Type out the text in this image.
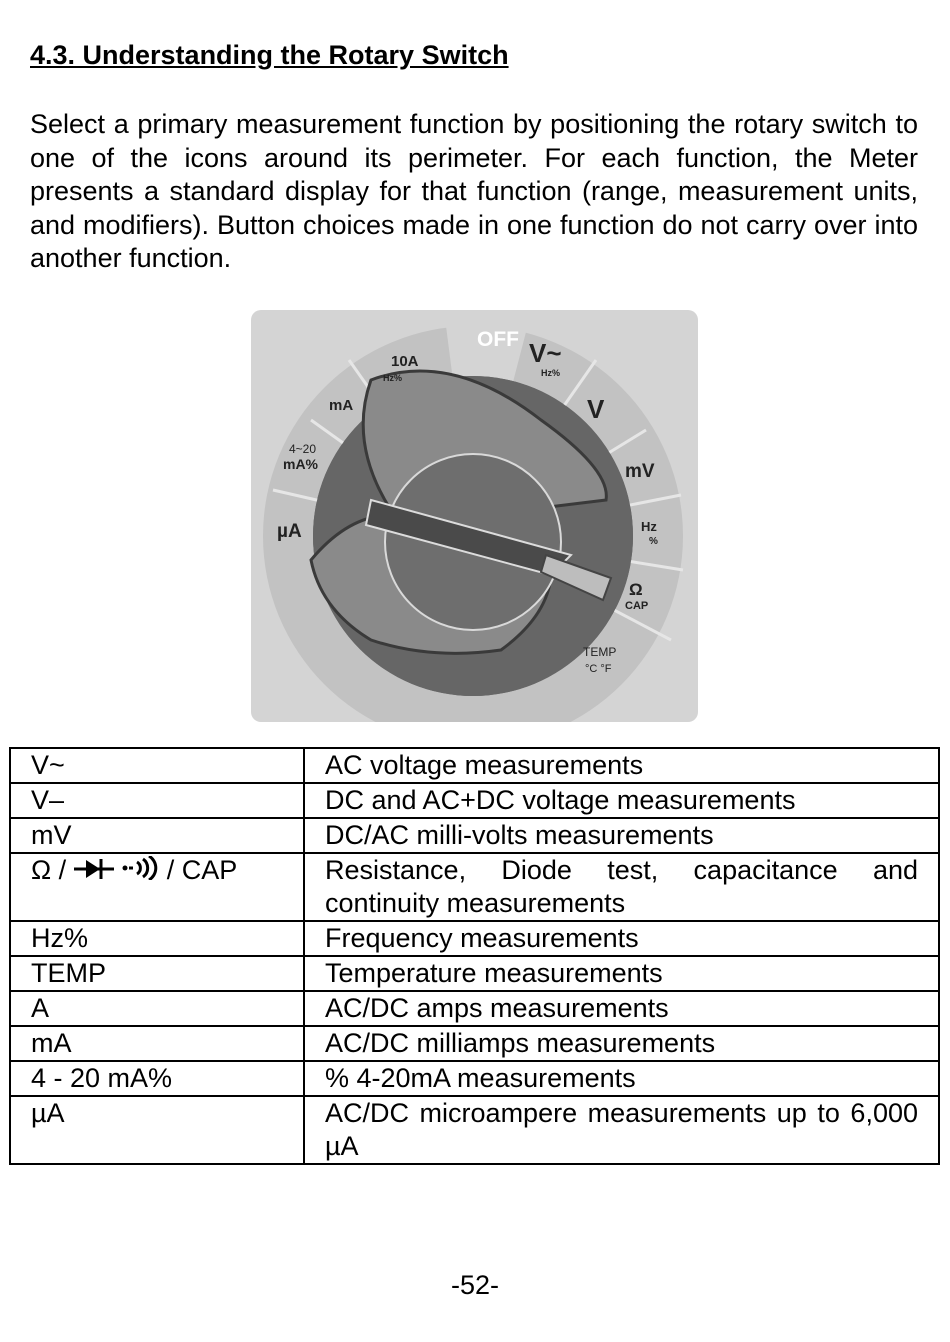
4.3. Understanding the Rotary Switch

Select a primary measurement function by positioning the rotary switch to one of the icons around its perimeter. For each function, the Meter presents a standard display for that function (range, measurement units, and modifiers). Button choices made in one function do not carry over into another function.

OFF
10A
Hz%
mA
4~20
mA%
µA
V~
Hz%
V
mV
Hz
%
Ω
CAP
TEMP
°C °F
V~	AC voltage measurements
V–	DC and AC+DC voltage measurements
mV	DC/AC milli-volts measurements
Ω / / CAP	Resistance, Diode test, capacitance and continuity measurements
Hz%	Frequency measurements
TEMP	Temperature measurements
A	AC/DC amps measurements
mA	AC/DC milliamps measurements
4 - 20 mA%	% 4-20mA measurements
µA	AC/DC microampere measurements up to 6,000 µA
-52-
